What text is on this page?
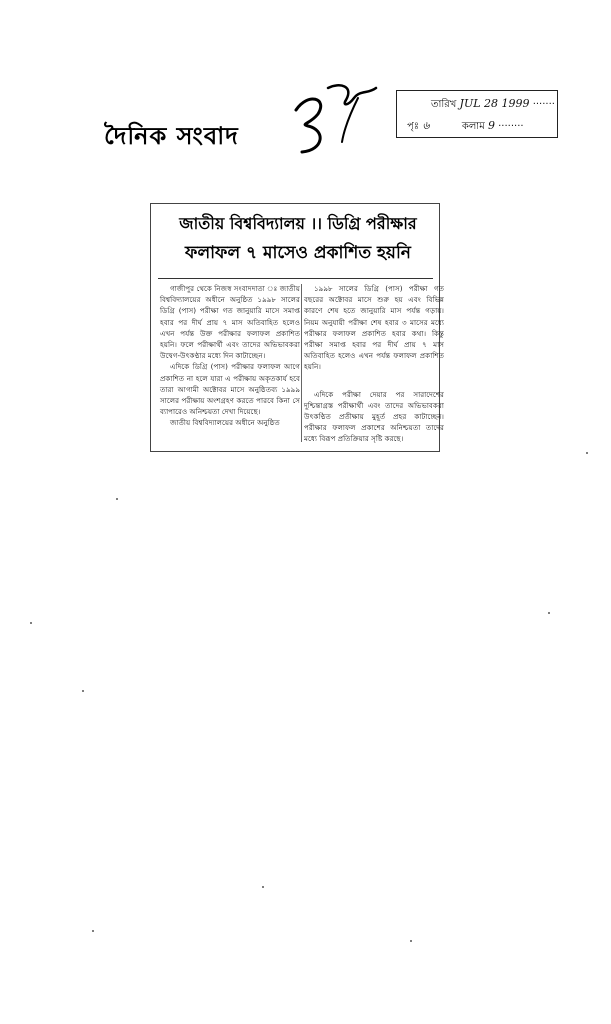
দৈনিক সংবাদ
তারিখ JUL 28 1999 ·······
পৃঃ ৬	কলাম 9 ········
জাতীয় বিশ্ববিদ্যালয় ।। ডিগ্রি পরীক্ষার
ফলাফল ৭ মাসেও প্রকাশিত হয়নি

গাজীপুর থেকে নিজস্ব সংবাদদাতা ঃ জাতীয় বিশ্ববিদ্যালয়ের অধীনে অনুষ্ঠিত ১৯৯৮ সালের ডিগ্রি (পাস) পরীক্ষা গত জানুয়ারি মাসে সমাপ্ত হবার পর দীর্ঘ প্রায় ৭ মাস অতিবাহিত হলেও এখন পর্যন্ত উক্ত পরীক্ষার ফলাফল প্রকাশিত হয়নি। ফলে পরীক্ষার্থী এবং তাদের অভিভাবকরা উদ্বেগ-উৎকণ্ঠার মধ্যে দিন কাটাচ্ছেন।

এদিকে ডিগ্রি (পাস) পরীক্ষার ফলাফল আগে প্রকাশিত না হলে যারা এ পরীক্ষায় অকৃতকার্য হবে তারা আগামী অক্টোবর মাসে অনুষ্ঠিতব্য ১৯৯৯ সালের পরীক্ষায় অংশগ্রহণ করতে পারবে কিনা সে ব্যাপারেও অনিশ্চয়তা দেখা দিয়েছে।

জাতীয় বিশ্ববিদ্যালয়ের অধীনে অনুষ্ঠিত

১৯৯৮ সালের ডিগ্রি (পাস) পরীক্ষা গত বছরের অক্টোবর মাসে শুরু হয় এবং বিভিন্ন কারণে শেষ হতে জানুয়ারি মাস পর্যন্ত গড়ায়। নিয়ম অনুযায়ী পরীক্ষা শেষ হবার ৩ মাসের মধ্যে পরীক্ষার ফলাফল প্রকাশিত হবার কথা। কিন্তু পরীক্ষা সমাপ্ত হবার পর দীর্ঘ প্রায় ৭ মাস অতিবাহিত হলেও এখন পর্যন্ত ফলাফল প্রকাশিত হয়নি।

এদিকে পরীক্ষা দেয়ার পর সারাদেশের দুশ্চিন্তাগ্রস্ত পরীক্ষার্থী এবং তাদের অভিভাবকরা উৎকণ্ঠিত প্রতীক্ষায় মুহূর্ত প্রহর কাটাচ্ছেন। পরীক্ষার ফলাফল প্রকাশের অনিশ্চয়তা তাদের মধ্যে বিরূপ প্রতিক্রিয়ার সৃষ্টি করছে।
